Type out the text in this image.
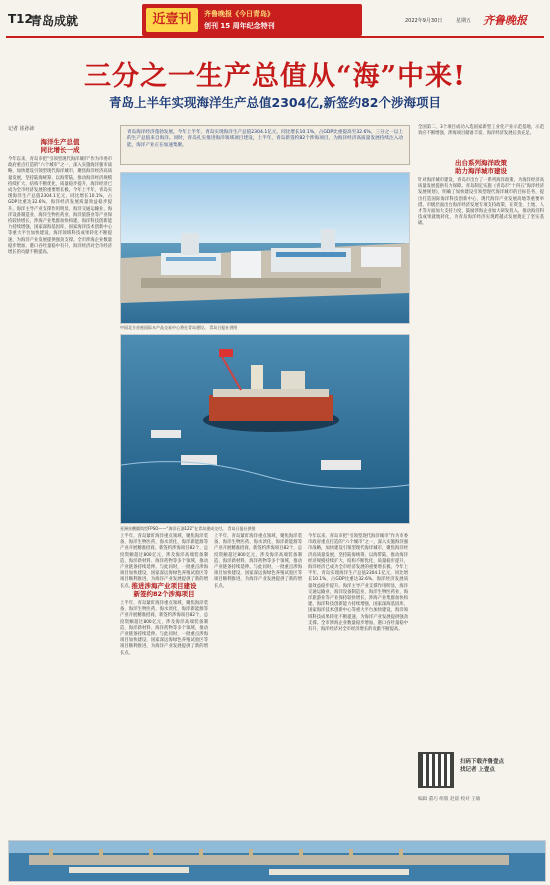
T12
青岛成就	近壹刊	齐鲁晚报《今日青岛》
创刊 15 周年纪念特刊
2022年9月30日	星期五 齐鲁晚报
三分之一生产总值从“海”中来!
青岛上半年实现海洋生产总值2304亿,新签约82个涉海项目
记者 崔孙沛
海洋生产总值
同比增长一成
今年以来，青岛市把“引领型现代海洋城市”作为市委市政府重点打造的“六个城市”之一，深入实施海洋强市战略，加快建设引领型现代海洋城市，聚焦海洋经济高质量发展，坚持陆海统筹、以海带陆，推动海洋经济规模持续扩大、结构不断优化、质量稳步提升，海洋经济已成为全市经济发展的重要增长极。今年上半年，青岛实现海洋生产总值2304.1亿元，同比增长10.1%，占GDP比重达32.6%，海洋经济发展质量效益稳步提升。海洋主导产业支撑作用明显，海洋交通运输业、海洋设备制造业、海洋生物医药业、海洋旅游业等产业保持较快增长，涉海产业集群加快构建。海洋科技创新能力持续增强，国家深海基因库、国家海洋技术创新中心等重大平台加快建设，海洋领域科技成果转化不断提速，为海洋产业发展提供强劲支撑。全市涉海企业数量稳步增加，港口吞吐量稳中有升，海洋经济对全市经济增长的贡献不断提高。
青岛海洋经济蓬勃发展。今年上半年，青岛实现海洋生产总值2304.1亿元，同比增长10.1%，占GDP比重提高至32.6%，三分之一以上的生产总值来自海洋。同时，青岛扎实推进海洋领域项目建设，上半年，青岛新签约82个涉海项目，为海洋经济高质量发展持续注入动能，海洋产业正在加速集聚。
中国北方首座国际水产品交易中心将在青岛建设。 青岛日报社供图
亚洲首艘圆筒型FPSO——“海洋石油122”在青岛建成交付。 青岛日报社供图
上半年，青岛紧盯海洋重点领域，聚焦海洋装备、海洋生物医药、海水淡化、海洋新能源等产业开展精准招商，新签约涉海项目82个，总投资额超过800亿元，涉及海洋高端装备制造、海洋新材料、海洋药物等多个领域，推动产业链条持续延伸。与此同时，一批重点涉海项目加快建设，国家深远海绿色养殖试验区等项目顺利推进，为海洋产业发展提供了新的增长点。
推进涉海产业项目建设
新签约82个涉海项目
上半年，青岛紧盯海洋重点领域，聚焦海洋装备、海洋生物医药、海水淡化、海洋新能源等产业开展精准招商，新签约涉海项目82个，总投资额超过800亿元，涉及海洋高端装备制造、海洋新材料、海洋药物等多个领域，推动产业链条持续延伸。与此同时，一批重点涉海项目加快建设，国家深远海绿色养殖试验区等项目顺利推进，为海洋产业发展提供了新的增长点。
上半年，青岛紧盯海洋重点领域，聚焦海洋装备、海洋生物医药、海水淡化、海洋新能源等产业开展精准招商，新签约涉海项目82个，总投资额超过800亿元，涉及海洋高端装备制造、海洋新材料、海洋药物等多个领域，推动产业链条持续延伸。与此同时，一批重点涉海项目加快建设，国家深远海绿色养殖试验区等项目顺利推进，为海洋产业发展提供了新的增长点。
今年以来，青岛市把“引领型现代海洋城市”作为市委市政府重点打造的“六个城市”之一，深入实施海洋强市战略，加快建设引领型现代海洋城市，聚焦海洋经济高质量发展，坚持陆海统筹、以海带陆，推动海洋经济规模持续扩大、结构不断优化、质量稳步提升，海洋经济已成为全市经济发展的重要增长极。今年上半年，青岛实现海洋生产总值2304.1亿元，同比增长10.1%，占GDP比重达32.6%，海洋经济发展质量效益稳步提升。海洋主导产业支撑作用明显，海洋交通运输业、海洋设备制造业、海洋生物医药业、海洋旅游业等产业保持较快增长，涉海产业集群加快构建。海洋科技创新能力持续增强，国家深海基因库、国家海洋技术创新中心等重大平台加快建设，海洋领域科技成果转化不断提速，为海洋产业发展提供强劲支撑。全市涉海企业数量稳步增加，港口吞吐量稳中有升，海洋经济对全市经济增长的贡献不断提高。
全国第二、3个项目成功入选国家新型工业化产业示范基地，示范效应不断增强，涉海项目储备丰富，海洋经济发展后劲充足。
出台系列海洋政策
助力海洋城市建设
针对海洋城市建设，青岛市出台了一系列海洋政策，为海洋经济高质量发展提供有力保障。青岛制定实施《青岛市“十四五”海洋经济发展规划》，明确了加快建设引领型现代海洋城市的目标任务，提出打造国际海洋科技创新中心、现代海洋产业发展高地等重要举措。市级层面出台海洋经济发展专项支持政策，在资金、土地、人才等方面加大支持力度，鼓励涉海企业加大研发投入，推动海洋科技成果就地转化，为青岛海洋经济实现跨越式发展奠定了坚实基础。
扫码下载齐鲁壹点
找记者 上壹点
编辑 董巧 组版 赵晨 校对 王敏
